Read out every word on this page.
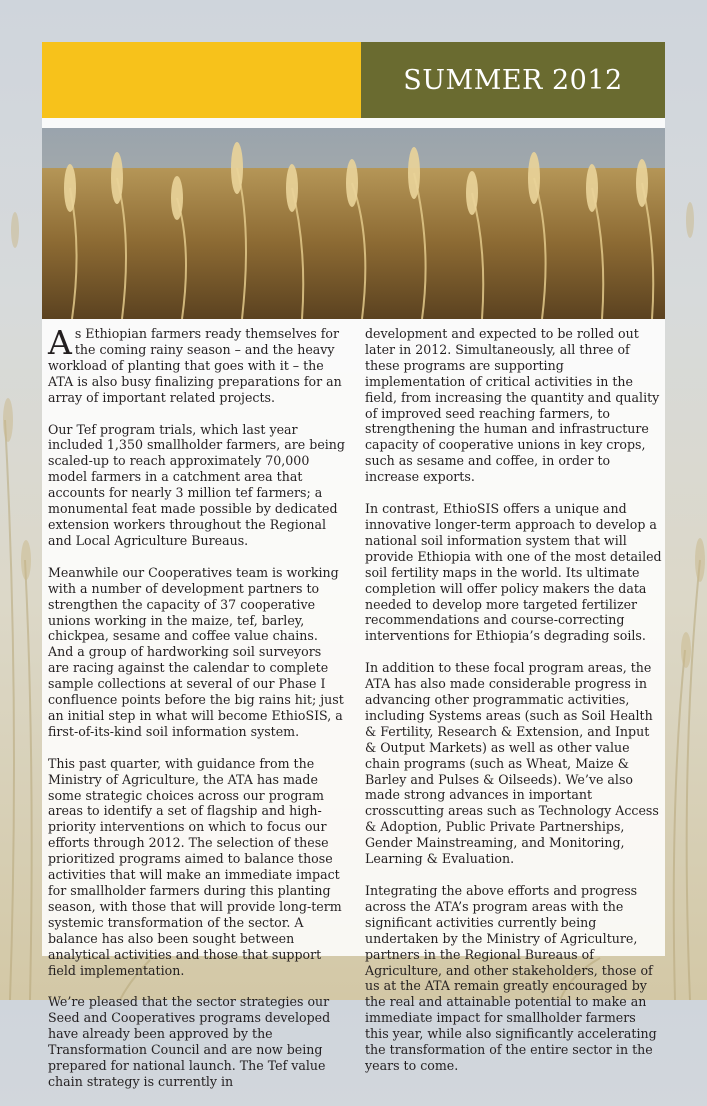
SUMMER 2012

As Ethiopian farmers ready themselves for the coming rainy season – and the heavy workload of planting that goes with it – the ATA is also busy finalizing preparations for an array of important related projects.

Our Tef program trials, which last year included 1,350 smallholder farmers, are being scaled-up to reach approximately 70,000 model farmers in a catchment area that accounts for nearly 3 million tef farmers; a monumental feat made possible by dedicated extension workers throughout the Regional and Local Agriculture Bureaus.

Meanwhile our Cooperatives team is working with a number of development partners to strengthen the capacity of 37 cooperative unions working in the maize, tef, barley, chickpea, sesame and coffee value chains. And a group of hardworking soil surveyors are racing against the calendar to complete sample collections at several of our Phase I confluence points before the big rains hit; just an initial step in what will become EthioSIS, a first-of-its-kind soil information system.

This past quarter, with guidance from the Ministry of Agriculture, the ATA has made some strategic choices across our program areas to identify a set of flagship and high-priority interventions on which to focus our efforts through 2012. The selection of these prioritized programs aimed to balance those activities that will make an immediate impact for smallholder farmers during this planting season, with those that will provide long-term systemic transformation of the sector. A balance has also been sought between analytical activities and those that support field implementation.

We’re pleased that the sector strategies our Seed and Cooperatives programs developed have already been approved by the Transformation Council and are now being prepared for national launch. The Tef value chain strategy is currently in

development and expected to be rolled out later in 2012. Simultaneously, all three of these programs are supporting implementation of critical activities in the field, from increasing the quantity and quality of improved seed reaching farmers, to strengthening the human and infrastructure capacity of cooperative unions in key crops, such as sesame and coffee, in order to increase exports.

In contrast, EthioSIS offers a unique and innovative longer-term approach to develop a national soil information system that will provide Ethiopia with one of the most detailed soil fertility maps in the world. Its ultimate completion will offer policy makers the data needed to develop more targeted fertilizer recommendations and course-correcting interventions for Ethiopia’s degrading soils.

In addition to these focal program areas, the ATA has also made considerable progress in advancing other programmatic activities, including Systems areas (such as Soil Health & Fertility, Research & Extension, and Input & Output Markets) as well as other value chain programs (such as Wheat, Maize & Barley and Pulses & Oilseeds). We’ve also made strong advances in important crosscutting areas such as Technology Access & Adoption, Public Private Partnerships, Gender Mainstreaming, and Monitoring, Learning & Evaluation.

Integrating the above efforts and progress across the ATA’s program areas with the significant activities currently being undertaken by the Ministry of Agriculture, partners in the Regional Bureaus of Agriculture, and other stakeholders, those of us at the ATA remain greatly encouraged by the real and attainable potential to make an immediate impact for smallholder farmers this year, while also significantly accelerating the transformation of the entire sector in the years to come.
